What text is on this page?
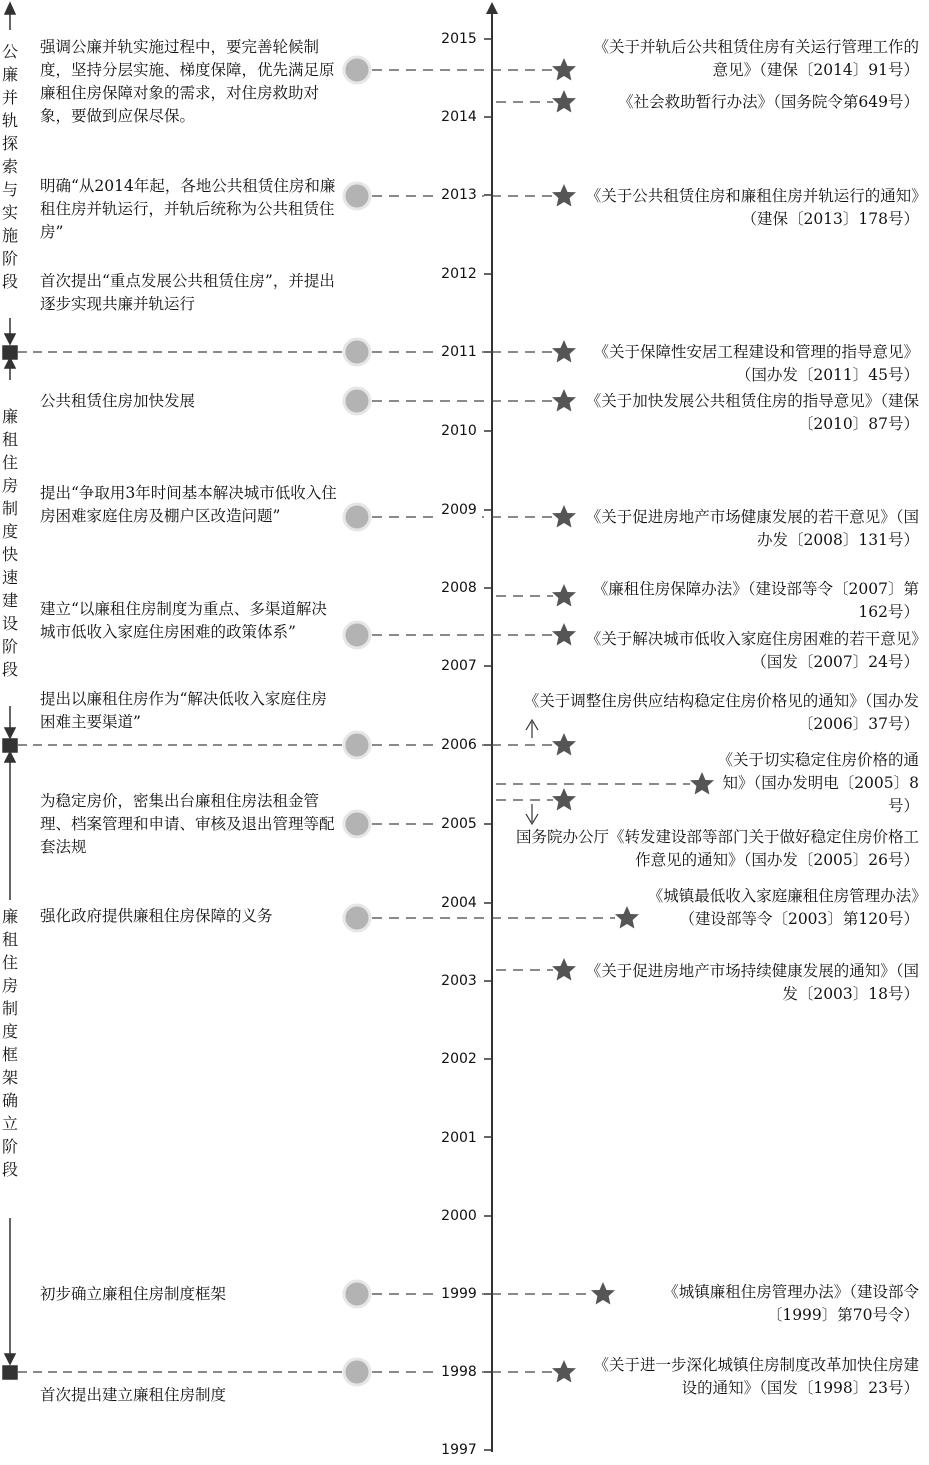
1997
1998
1999
2000
2001
2002
2003
2004
2005
2006
2007
2008
2009
2010
2011
2012
2013
2014
2015
公廉并轨探索与实施阶段
廉租住房制度快速建设阶段
廉租住房制度框架确立阶段
强调公廉并轨实施过程中，要完善轮候制度，坚持分层实施、梯度保障，优先满足原廉租住房保障对象的需求，对住房救助对象，要做到应保尽保。
明确“从2014年起，各地公共租赁住房和廉租住房并轨运行，并轨后统称为公共租赁住房”
首次提出“重点发展公共租赁住房”，并提出逐步实现共廉并轨运行
公共租赁住房加快发展
提出“争取用3年时间基本解决城市低收入住房困难家庭住房及棚户区改造问题”
建立“以廉租住房制度为重点、多渠道解决城市低收入家庭住房困难的政策体系”
提出以廉租住房作为“解决低收入家庭住房困难主要渠道”
为稳定房价，密集出台廉租住房法租金管理、档案管理和申请、审核及退出管理等配套法规
强化政府提供廉租住房保障的义务
初步确立廉租住房制度框架
首次提出建立廉租住房制度
《关于并轨后公共租赁住房有关运行管理工作的意见》（建保〔2014〕91号）
《社会救助暂行办法》（国务院令第649号）
《关于公共租赁住房和廉租住房并轨运行的通知》（建保〔2013〕178号）
《关于保障性安居工程建设和管理的指导意见》（国办发〔2011〕45号）
《关于加快发展公共租赁住房的指导意见》（建保〔2010〕87号）
《关于促进房地产市场健康发展的若干意见》（国办发〔2008〕131号）
《廉租住房保障办法》（建设部等令〔2007〕第162号）
《关于解决城市低收入家庭住房困难的若干意见》（国发〔2007〕24号）
《关于调整住房供应结构稳定住房价格见的通知》（国办发〔2006〕37号）
《关于切实稳定住房价格的通知》（国办发明电〔2005〕8号）
国务院办公厅《转发建设部等部门关于做好稳定住房价格工作意见的通知》（国办发〔2005〕26号）
《城镇最低收入家庭廉租住房管理办法》（建设部等令〔2003〕第120号）
《关于促进房地产市场持续健康发展的通知》（国发〔2003〕18号）
《城镇廉租住房管理办法》（建设部令〔1999〕第70号令）
《关于进一步深化城镇住房制度改革加快住房建设的通知》（国发〔1998〕23号）
